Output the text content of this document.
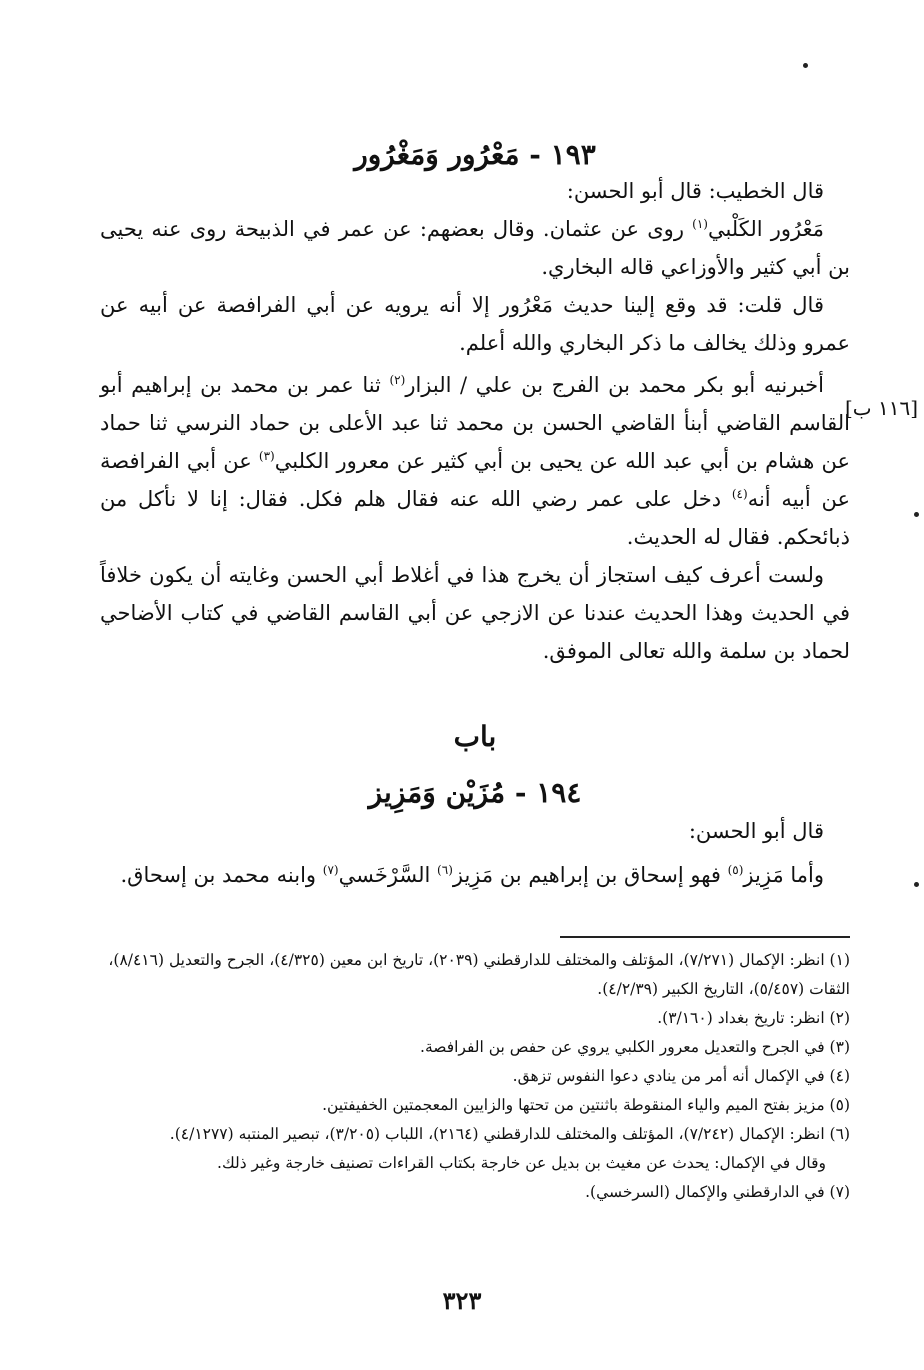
١٩٣ - مَعْرُور وَمَغْرُور

قال الخطيب: قال أبو الحسن:

مَعْرُور الكَلْبي$^{(١)}$ روى عن عثمان. وقال بعضهم: عن عمر في الذبيحة روى عنه يحيى بن أبي كثير والأوزاعي قاله البخاري.

قال قلت: قد وقع إلينا حديث مَعْرُور إلا أنه يرويه عن أبي الفرافصة عن أبيه عن عمرو وذلك يخالف ما ذكر البخاري والله أعلم.

أخبرنيه أبو بكر محمد بن الفرج بن علي / البزار$^{(٢)}$ ثنا عمر بن محمد بن إبراهيم أبو القاسم القاضي أبنأ القاضي الحسن بن محمد ثنا عبد الأعلى بن حماد النرسي ثنا حماد عن هشام بن أبي عبد الله عن يحيى بن أبي كثير عن معرور الكلبي$^{(٣)}$ عن أبي الفرافصة عن أبيه أنه$^{(٤)}$ دخل على عمر رضي الله عنه فقال هلم فكل. فقال: إنا لا نأكل من ذبائحكم. فقال له الحديث.

ولست أعرف كيف استجاز أن يخرج هذا في أغلاط أبي الحسن وغايته أن يكون خلافاً في الحديث وهذا الحديث عندنا عن الازجي عن أبي القاسم القاضي في كتاب الأضاحي لحماد بن سلمة والله تعالى الموفق.

[١١٦ ب]
باب
١٩٤ - مُزَيْن وَمَزِيز

قال أبو الحسن:

وأما مَزِيز$^{(٥)}$ فهو إسحاق بن إبراهيم بن مَزِيز$^{(٦)}$ السَّرْخَسي$^{(٧)}$ وابنه محمد بن إسحاق.

(١) انظر: الإكمال (٧/٢٧١)، المؤتلف والمختلف للدارقطني (٢٠٣٩)، تاريخ ابن معين (٤/٣٢٥)، الجرح والتعديل (٨/٤١٦)، الثقات (٥/٤٥٧)، التاريخ الكبير (٤/٢/٣٩).

(٢) انظر: تاريخ بغداد (٣/١٦٠).

(٣) في الجرح والتعديل معرور الكلبي يروي عن حفص بن الفرافصة.

(٤) في الإكمال أنه أمر من ينادي دعوا النفوس تزهق.

(٥) مزيز بفتح الميم والياء المنقوطة باثنتين من تحتها والزايين المعجمتين الخفيفتين.

(٦) انظر: الإكمال (٧/٢٤٢)، المؤتلف والمختلف للدارقطني (٢١٦٤)، اللباب (٣/٢٠٥)، تبصير المنتبه (٤/١٢٧٧).

وقال في الإكمال: يحدث عن مغيث بن بديل عن خارجة بكتاب القراءات تصنيف خارجة وغير ذلك.

(٧) في الدارقطني والإكمال (السرخسي).

٣٢٣
